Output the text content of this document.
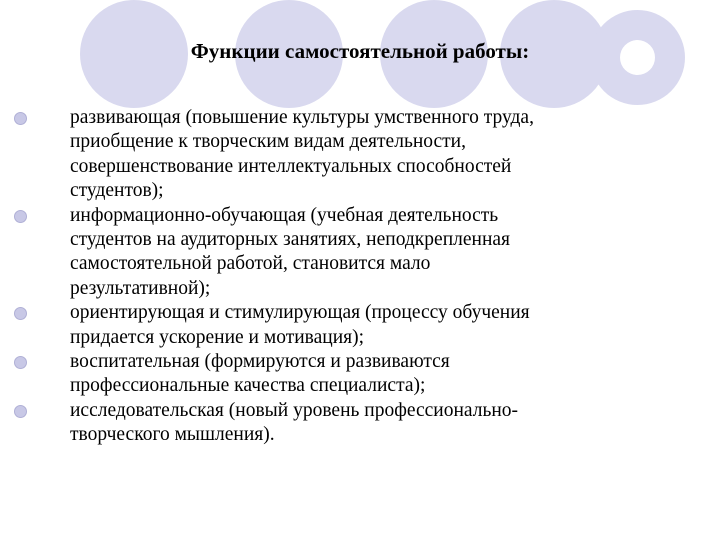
Функции самостоятельной работы:
развивающая (повышение культуры умственного труда,
приобщение к творческим видам деятельности,
совершенствование интеллектуальных способностей
студентов);
информационно-обучающая (учебная деятельность
студентов на аудиторных занятиях, неподкрепленная
самостоятельной работой, становится мало
результативной);
ориентирующая и стимулирующая (процессу обучения
придается ускорение и мотивация);
воспитательная (формируются и развиваются
профессиональные качества специалиста);
исследовательская (новый уровень профессионально-
творческого мышления).
